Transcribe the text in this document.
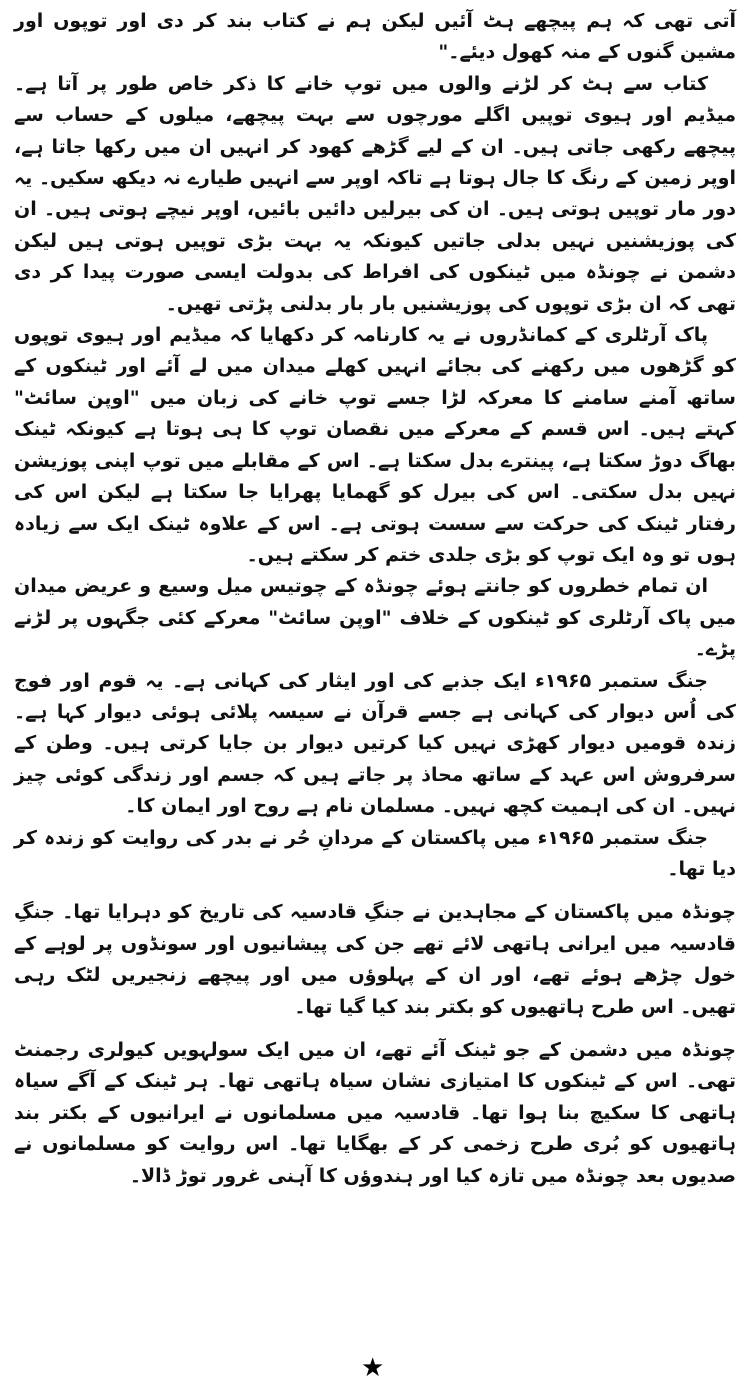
آتی تھی کہ ہم پیچھے ہٹ آئیں لیکن ہم نے کتاب بند کر دی اور توپوں اور مشین گنوں کے منہ کھول دیئے۔"

کتاب سے ہٹ کر لڑنے والوں میں توپ خانے کا ذکر خاص طور پر آتا ہے۔ میڈیم اور ہیوی توپیں اگلے مورچوں سے بہت پیچھے، میلوں کے حساب سے پیچھے رکھی جاتی ہیں۔ ان کے لیے گڑھے کھود کر انہیں ان میں رکھا جاتا ہے، اوپر زمین کے رنگ کا جال ہوتا ہے تاکہ اوپر سے انہیں طیارے نہ دیکھ سکیں۔ یہ دور مار توپیں ہوتی ہیں۔ ان کی بیرلیں دائیں بائیں، اوپر نیچے ہوتی ہیں۔ ان کی پوزیشنیں نہیں بدلی جاتیں کیونکہ یہ بہت بڑی توپیں ہوتی ہیں لیکن دشمن نے چونڈہ میں ٹینکوں کی افراط کی بدولت ایسی صورت پیدا کر دی تھی کہ ان بڑی توپوں کی پوزیشنیں بار بار بدلنی پڑتی تھیں۔

پاک آرٹلری کے کمانڈروں نے یہ کارنامہ کر دکھایا کہ میڈیم اور ہیوی توپوں کو گڑھوں میں رکھنے کی بجائے انہیں کھلے میدان میں لے آئے اور ٹینکوں کے ساتھ آمنے سامنے کا معرکہ لڑا جسے توپ خانے کی زبان میں "اوپن سائٹ" کہتے ہیں۔ اس قسم کے معرکے میں نقصان توپ کا ہی ہوتا ہے کیونکہ ٹینک بھاگ دوڑ سکتا ہے، پینترے بدل سکتا ہے۔ اس کے مقابلے میں توپ اپنی پوزیشن نہیں بدل سکتی۔ اس کی بیرل کو گھمایا پھرایا جا سکتا ہے لیکن اس کی رفتار ٹینک کی حرکت سے سست ہوتی ہے۔ اس کے علاوہ ٹینک ایک سے زیادہ ہوں تو وہ ایک توپ کو بڑی جلدی ختم کر سکتے ہیں۔

ان تمام خطروں کو جانتے ہوئے چونڈہ کے چوتیس میل وسیع و عریض میدان میں پاک آرٹلری کو ٹینکوں کے خلاف "اوپن سائٹ" معرکے کئی جگہوں پر لڑنے پڑے۔

جنگ ستمبر ۱۹۶۵ء ایک جذبے کی اور ایثار کی کہانی ہے۔ یہ قوم اور فوج کی اُس دیوار کی کہانی ہے جسے قرآن نے سیسہ پلائی ہوئی دیوار کہا ہے۔ زندہ قومیں دیوار کھڑی نہیں کیا کرتیں دیوار بن جایا کرتی ہیں۔ وطن کے سرفروش اس عہد کے ساتھ محاذ پر جاتے ہیں کہ جسم اور زندگی کوئی چیز نہیں۔ ان کی اہمیت کچھ نہیں۔ مسلمان نام ہے روح اور ایمان کا۔

جنگ ستمبر ۱۹۶۵ء میں پاکستان کے مردانِ حُر نے بدر کی روایت کو زندہ کر دیا تھا۔

چونڈہ میں پاکستان کے مجاہدین نے جنگِ قادسیہ کی تاریخ کو دہرایا تھا۔ جنگِ قادسیہ میں ایرانی ہاتھی لائے تھے جن کی پیشانیوں اور سونڈوں پر لوہے کے خول چڑھے ہوئے تھے، اور ان کے پہلوؤں میں اور پیچھے زنجیریں لٹک رہی تھیں۔ اس طرح ہاتھیوں کو بکتر بند کیا گیا تھا۔

چونڈہ میں دشمن کے جو ٹینک آئے تھے، ان میں ایک سولہویں کیولری رجمنٹ تھی۔ اس کے ٹینکوں کا امتیازی نشان سیاہ ہاتھی تھا۔ ہر ٹینک کے آگے سیاہ ہاتھی کا سکیچ بنا ہوا تھا۔ قادسیہ میں مسلمانوں نے ایرانیوں کے بکتر بند ہاتھیوں کو بُری طرح زخمی کر کے بھگایا تھا۔ اس روایت کو مسلمانوں نے صدیوں بعد چونڈہ میں تازہ کیا اور ہندوؤں کا آہنی غرور توڑ ڈالا۔

★
